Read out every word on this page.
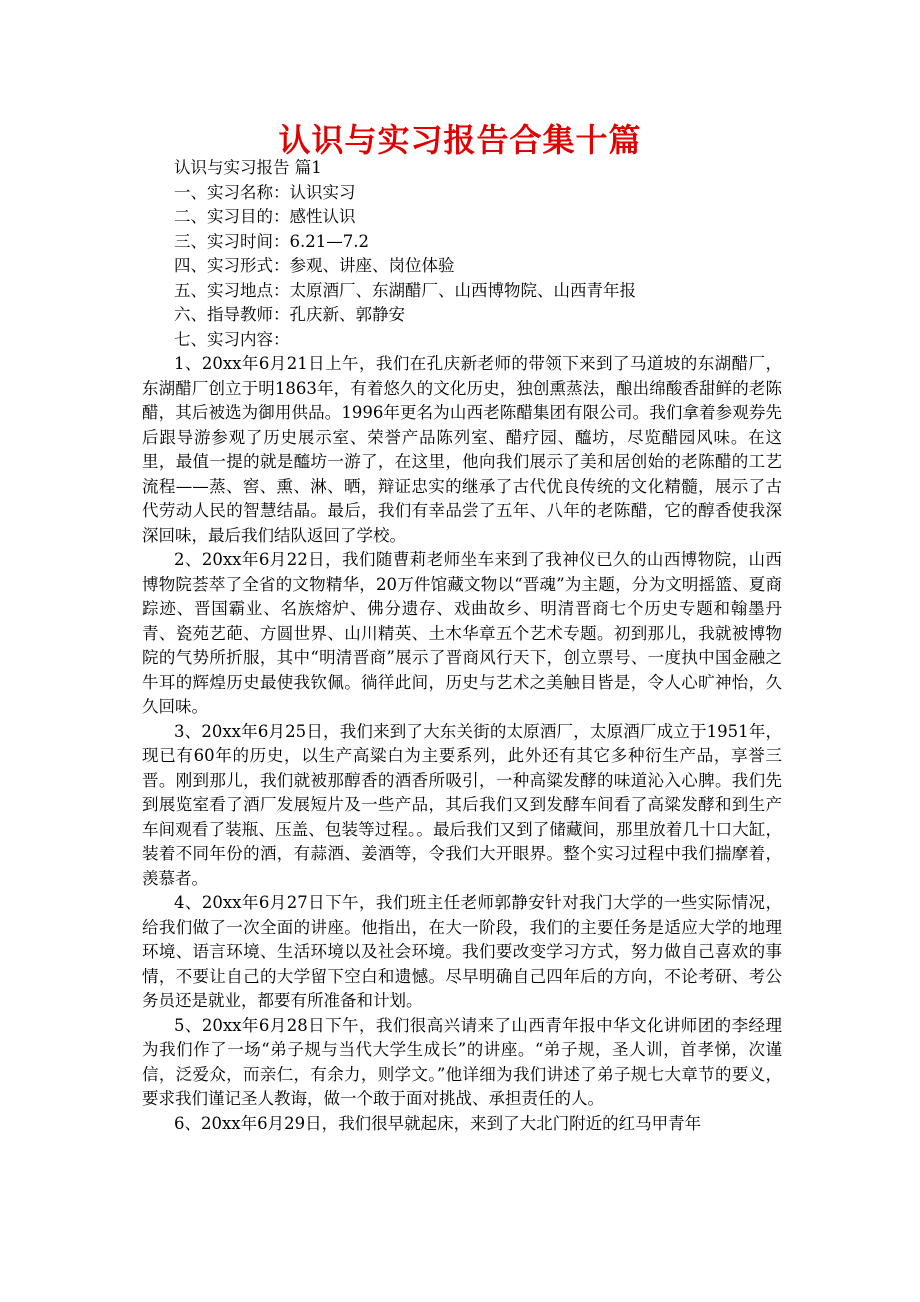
认识与实习报告合集十篇

认识与实习报告 篇1

一、实习名称：认识实习

二、实习目的：感性认识

三、实习时间：6.21—7.2

四、实习形式：参观、讲座、岗位体验

五、实习地点：太原酒厂、东湖醋厂、山西博物院、山西青年报

六、指导教师：孔庆新、郭静安

七、实习内容：

1、20xx年6月21日上午，我们在孔庆新老师的带领下来到了马道坡的东湖醋厂，东湖醋厂创立于明1863年，有着悠久的文化历史，独创熏蒸法，酿出绵酸香甜鲜的老陈醋，其后被选为御用供品。1996年更名为山西老陈醋集团有限公司。我们拿着参观券先后跟导游参观了历史展示室、荣誉产品陈列室、醋疗园、醯坊，尽览醋园风味。在这里，最值一提的就是醯坊一游了，在这里，他向我们展示了美和居创始的老陈醋的工艺流程——蒸、窖、熏、淋、晒，辩证忠实的继承了古代优良传统的文化精髓，展示了古代劳动人民的智慧结晶。最后，我们有幸品尝了五年、八年的老陈醋，它的醇香使我深深回味，最后我们结队返回了学校。

2、20xx年6月22日，我们随曹莉老师坐车来到了我神仪已久的山西博物院，山西博物院荟萃了全省的文物精华，20万件馆藏文物以“晋魂”为主题，分为文明摇篮、夏商踪迹、晋国霸业、名族熔炉、佛分遗存、戏曲故乡、明清晋商七个历史专题和翰墨丹青、瓷苑艺葩、方圆世界、山川精英、土木华章五个艺术专题。初到那儿，我就被博物院的气势所折服，其中“明清晋商”展示了晋商风行天下，创立票号、一度执中国金融之牛耳的辉煌历史最使我钦佩。徜徉此间，历史与艺术之美触目皆是，令人心旷神怡，久久回味。

3、20xx年6月25日，我们来到了大东关街的太原酒厂，太原酒厂成立于1951年，现已有60年的历史，以生产高粱白为主要系列，此外还有其它多种衍生产品，享誉三晋。刚到那儿，我们就被那醇香的酒香所吸引，一种高粱发酵的味道沁入心脾。我们先到展览室看了酒厂发展短片及一些产品，其后我们又到发酵车间看了高粱发酵和到生产车间观看了装瓶、压盖、包装等过程。。最后我们又到了储藏间，那里放着几十口大缸，装着不同年份的酒，有蒜酒、姜酒等，令我们大开眼界。整个实习过程中我们揣摩着，羡慕者。

4、20xx年6月27日下午，我们班主任老师郭静安针对我门大学的一些实际情况，给我们做了一次全面的讲座。他指出，在大一阶段，我们的主要任务是适应大学的地理环境、语言环境、生活环境以及社会环境。我们要改变学习方式，努力做自己喜欢的事情，不要让自己的大学留下空白和遗憾。尽早明确自己四年后的方向，不论考研、考公务员还是就业，都要有所准备和计划。

5、20xx年6月28日下午，我们很高兴请来了山西青年报中华文化讲师团的李经理为我们作了一场“弟子规与当代大学生成长”的讲座。“弟子规，圣人训，首孝悌，次谨信，泛爱众，而亲仁，有余力，则学文。”他详细为我们讲述了弟子规七大章节的要义，要求我们谨记圣人教诲，做一个敢于面对挑战、承担责任的人。

6、20xx年6月29日，我们很早就起床，来到了大北门附近的红马甲青年
